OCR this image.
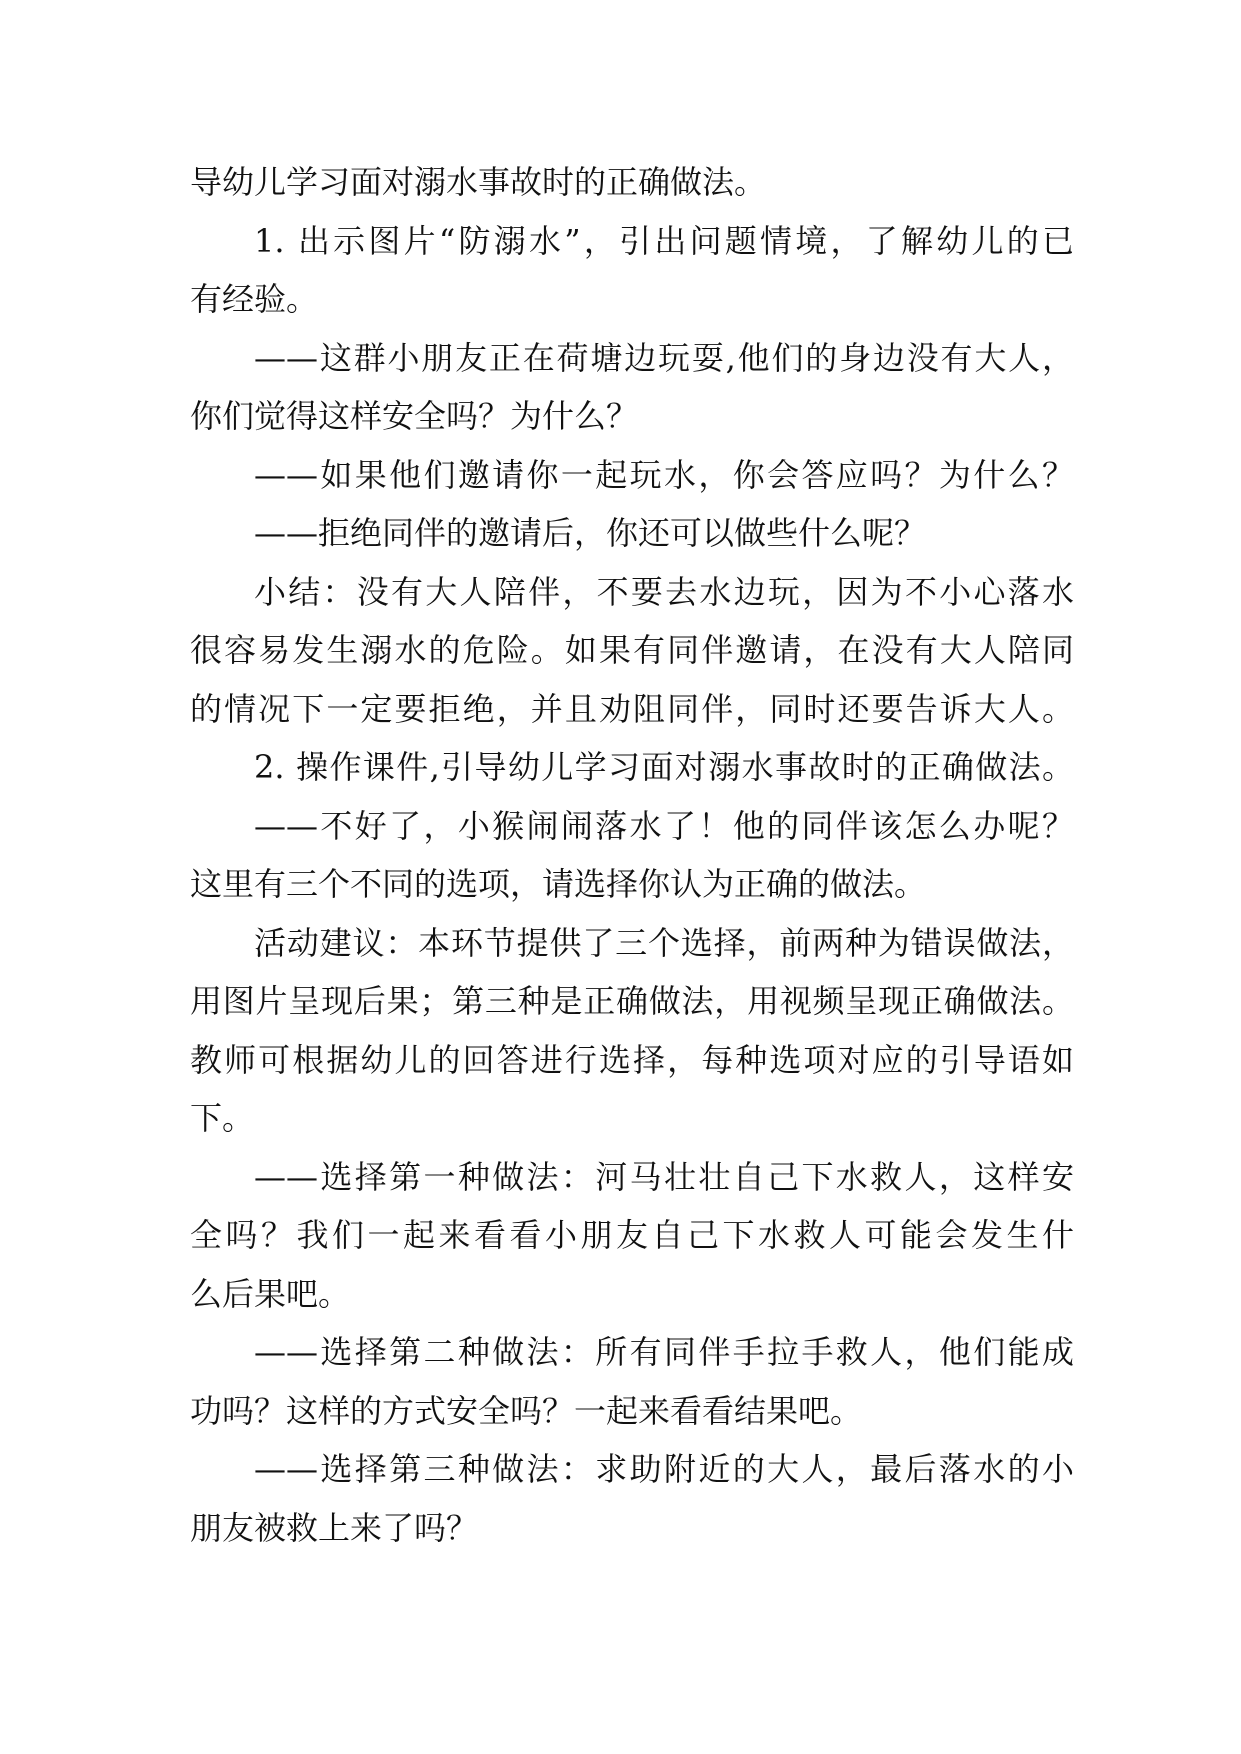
导幼儿学习面对溺水事故时的正确做法。
1. 出示图片“防溺水”，引出问题情境，了解幼儿的已
有经验。
——这群小朋友正在荷塘边玩耍,他们的身边没有大人，
你们觉得这样安全吗？为什么？
——如果他们邀请你一起玩水，你会答应吗？为什么？
——拒绝同伴的邀请后，你还可以做些什么呢？
小结：没有大人陪伴，不要去水边玩，因为不小心落水
很容易发生溺水的危险。如果有同伴邀请，在没有大人陪同
的情况下一定要拒绝，并且劝阻同伴，同时还要告诉大人。
2. 操作课件,引导幼儿学习面对溺水事故时的正确做法。
——不好了，小猴闹闹落水了！他的同伴该怎么办呢？
这里有三个不同的选项，请选择你认为正确的做法。
活动建议：本环节提供了三个选择，前两种为错误做法，
用图片呈现后果；第三种是正确做法，用视频呈现正确做法。
教师可根据幼儿的回答进行选择，每种选项对应的引导语如
下。
——选择第一种做法：河马壮壮自己下水救人，这样安
全吗？我们一起来看看小朋友自己下水救人可能会发生什
么后果吧。
——选择第二种做法：所有同伴手拉手救人，他们能成
功吗？这样的方式安全吗？一起来看看结果吧。
——选择第三种做法：求助附近的大人，最后落水的小
朋友被救上来了吗？
